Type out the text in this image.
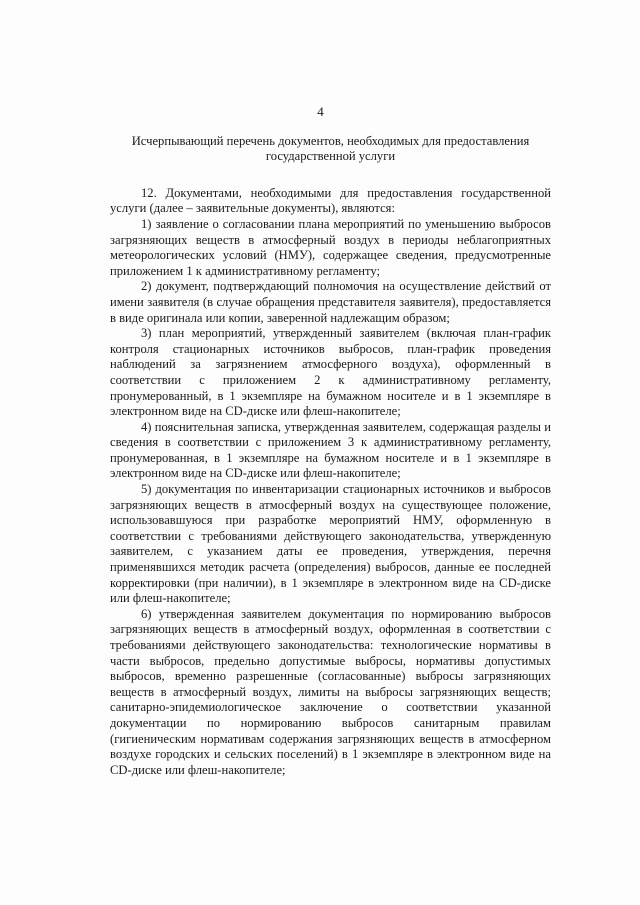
4
Исчерпывающий перечень документов, необходимых для предоставления
государственной услуги

12. Документами, необходимыми для предоставления государственной услуги (далее – заявительные документы), являются:

1) заявление о согласовании плана мероприятий по уменьшению выбросов загрязняющих веществ в атмосферный воздух в периоды неблагоприятных метеорологических условий (НМУ), содержащее сведения, предусмотренные приложением 1 к административному регламенту;

2) документ, подтверждающий полномочия на осуществление действий от имени заявителя (в случае обращения представителя заявителя), предоставляется в виде оригинала или копии, заверенной надлежащим образом;

3) план мероприятий, утвержденный заявителем (включая план-график контроля стационарных источников выбросов, план-график проведения наблюдений за загрязнением атмосферного воздуха), оформленный в соответствии с приложением 2 к административному регламенту, пронумерованный, в 1 экземпляре на бумажном носителе и в 1 экземпляре в электронном виде на CD-диске или флеш-накопителе;

4) пояснительная записка, утвержденная заявителем, содержащая разделы и сведения в соответствии с приложением 3 к административному регламенту, пронумерованная, в 1 экземпляре на бумажном носителе и в 1 экземпляре в электронном виде на CD-диске или флеш-накопителе;

5) документация по инвентаризации стационарных источников и выбросов загрязняющих веществ в атмосферный воздух на существующее положение, использовавшуюся при разработке мероприятий НМУ, оформленную в соответствии с требованиями действующего законодательства, утвержденную заявителем, с указанием даты ее проведения, утверждения, перечня применявшихся методик расчета (определения) выбросов, данные ее последней корректировки (при наличии), в 1 экземпляре в электронном виде на CD-диске или флеш-накопителе;

6) утвержденная заявителем документация по нормированию выбросов загрязняющих веществ в атмосферный воздух, оформленная в соответствии с требованиями действующего законодательства: технологические нормативы в части выбросов, предельно допустимые выбросы, нормативы допустимых выбросов, временно разрешенные (согласованные) выбросы загрязняющих веществ в атмосферный воздух, лимиты на выбросы загрязняющих веществ; санитарно-эпидемиологическое заключение о соответствии указанной документации по нормированию выбросов санитарным правилам (гигиеническим нормативам содержания загрязняющих веществ в атмосферном воздухе городских и сельских поселений) в 1 экземпляре в электронном виде на CD-диске или флеш-накопителе;
